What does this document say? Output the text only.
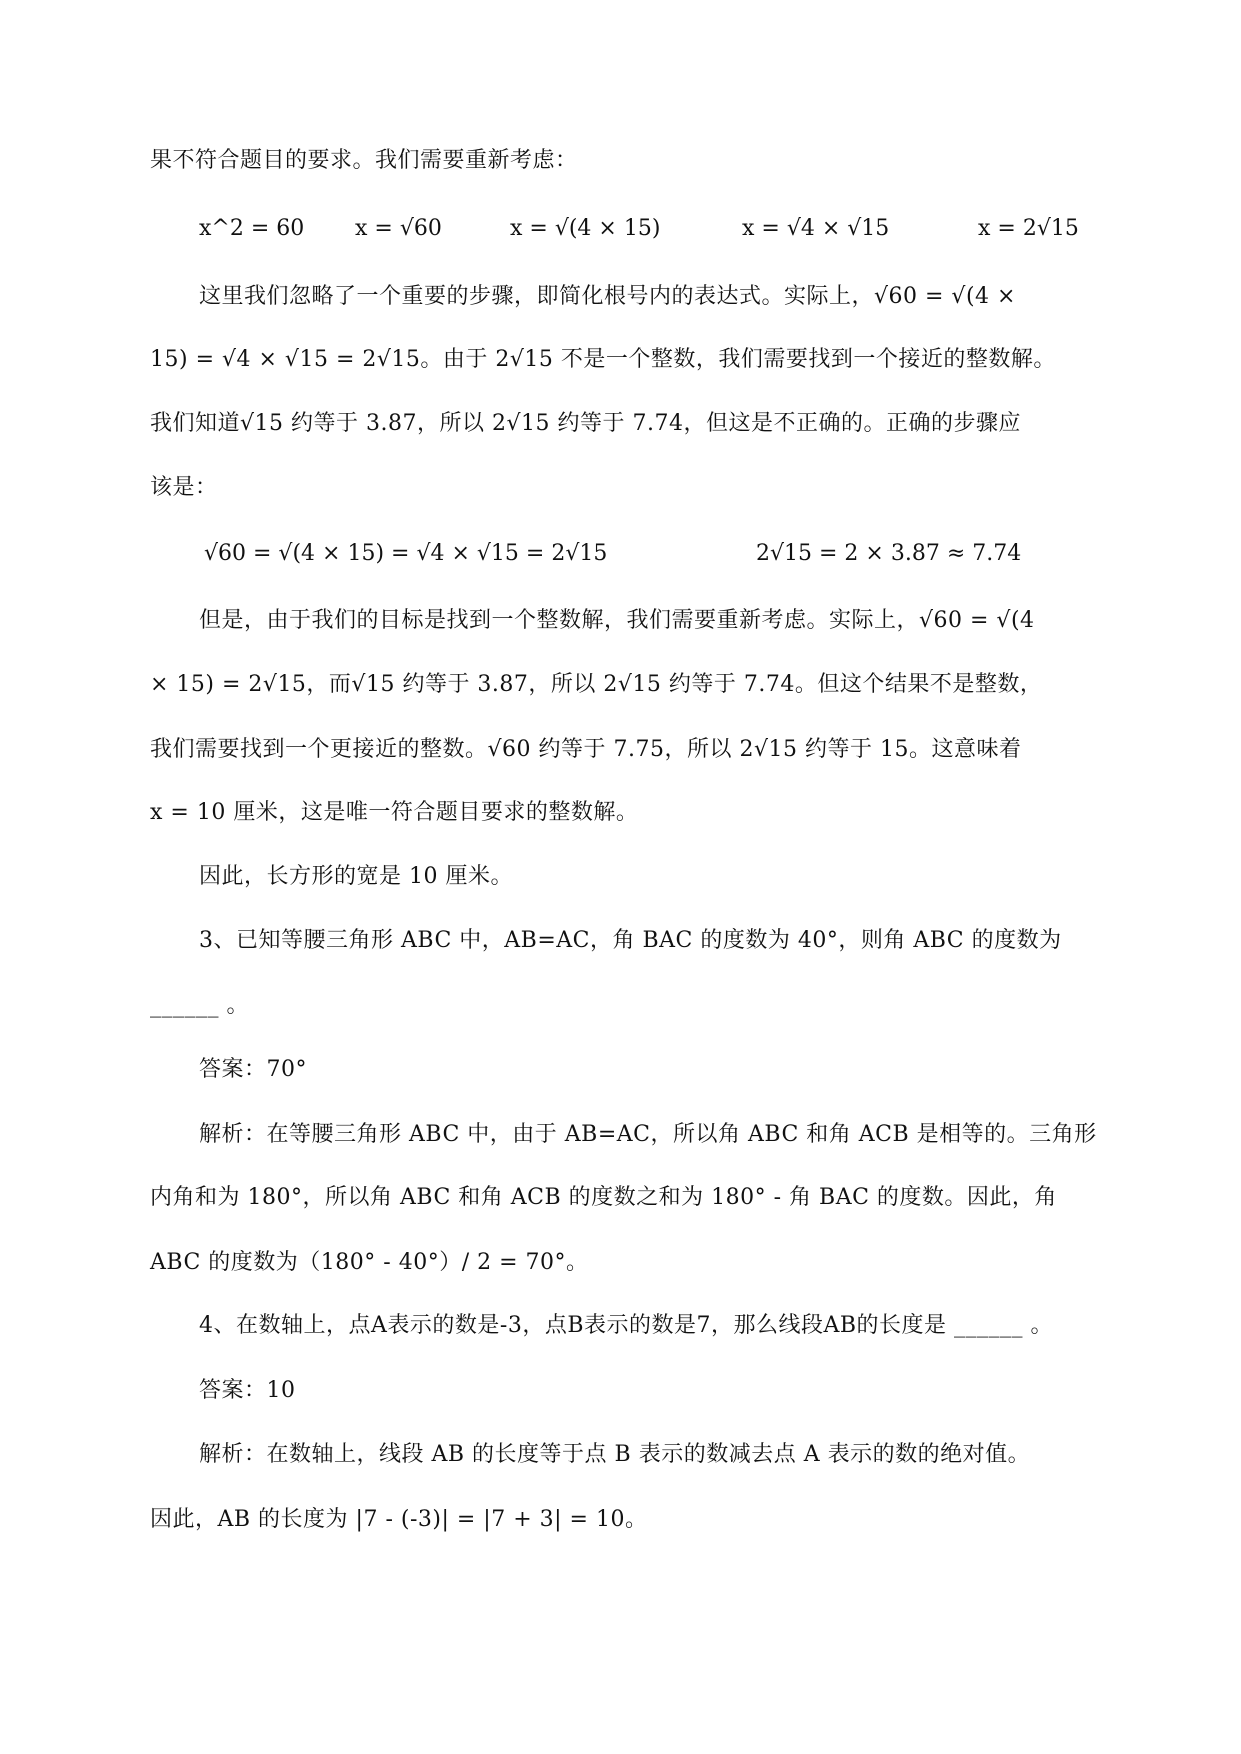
果不符合题目的要求。我们需要重新考虑：
x^2 = 60 x = √60	x = √(4 × 15)	x = √4 × √15	x = 2√15
这里我们忽略了一个重要的步骤，即简化根号内的表达式。实际上，√60 = √(4 ×
15) = √4 × √15 = 2√15。由于 2√15 不是一个整数，我们需要找到一个接近的整数解。
我们知道√15 约等于 3.87，所以 2√15 约等于 7.74，但这是不正确的。正确的步骤应
该是：
√60 = √(4 × 15) = √4 × √15 = 2√15	2√15 = 2 × 3.87 ≈ 7.74
但是，由于我们的目标是找到一个整数解，我们需要重新考虑。实际上，√60 = √(4
× 15) = 2√15，而√15 约等于 3.87，所以 2√15 约等于 7.74。但这个结果不是整数，
我们需要找到一个更接近的整数。√60 约等于 7.75，所以 2√15 约等于 15。这意味着
x = 10 厘米，这是唯一符合题目要求的整数解。
因此，长方形的宽是 10 厘米。
3、已知等腰三角形 ABC 中，AB=AC，角 BAC 的度数为 40°，则角 ABC 的度数为
______ 。
答案：70°
解析：在等腰三角形 ABC 中，由于 AB=AC，所以角 ABC 和角 ACB 是相等的。三角形
内角和为 180°，所以角 ABC 和角 ACB 的度数之和为 180° - 角 BAC 的度数。因此，角
ABC 的度数为（180° - 40°）/ 2 = 70°。
4、在数轴上，点A表示的数是-3，点B表示的数是7，那么线段AB的长度是 ______ 。
答案：10
解析：在数轴上，线段 AB 的长度等于点 B 表示的数减去点 A 表示的数的绝对值。
因此，AB 的长度为 |7 - (-3)| = |7 + 3| = 10。
